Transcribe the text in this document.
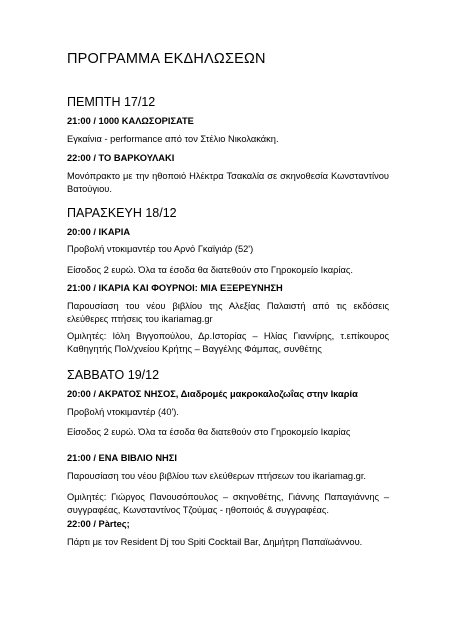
ΠΡΟΓΡΑΜΜΑ ΕΚΔΗΛΩΣΕΩΝ
ΠΕΜΠΤΗ 17/12
21:00 / 1000 ΚΑΛΩΣΟΡΙΣΑΤΕ
Εγκαίνια - performance από τον Στέλιο Νικολακάκη.
22:00 / ΤΟ ΒΑΡΚΟΥΛΑΚΙ
Μονόπρακτο με την ηθοποιό Ηλέκτρα Τσακαλία σε σκηνοθεσία Κωνσταντίνου Βατούγιου.
ΠΑΡΑΣΚΕΥΗ 18/12
20:00 / ΙΚΑΡΙΑ
Προβολή ντοκιμαντέρ του Αρνό Γκαϊγιάρ (52')
Είσοδος 2 ευρώ. Όλα τα έσοδα θα διατεθούν στο Γηροκομείο Ικαρίας.
21:00 / ΙΚΑΡΙΑ ΚΑΙ ΦΟΥΡΝΟΙ: ΜΙΑ ΕΞΕΡΕΥΝΗΣΗ
Παρουσίαση του νέου βιβλίου της Αλεξίας Παλαιστή από τις εκδόσεις ελεύθερες πτήσεις του ikariamag.gr
Ομιλητές: Ιόλη Βιγγοπούλου, Δρ.Ιστορίας – Ηλίας Γιαννίρης, τ.επίκουρος Καθηγητής Πολ/χνείου Κρήτης – Βαγγέλης Φάμπας, συνθέτης
ΣΑΒΒΑΤΟ 19/12
20:00 / ΑΚΡΑΤΟΣ ΝΗΣΟΣ, Διαδρομές μακροκαλοζωΐας στην Ικαρία
Προβολή ντοκιμαντέρ (40').
Είσοδος 2 ευρώ. Όλα τα έσοδα θα διατεθούν στο Γηροκομείο Ικαρίας
21:00 / ΕΝΑ ΒΙΒΛΙΟ ΝΗΣΙ
Παρουσίαση του νέου βιβλίου των ελεύθερων πτήσεων του ikariamag.gr.
Ομιλητές: Γιώργος Πανουσόπουλος – σκηνοθέτης, Γιάννης Παπαγιάννης – συγγραφέας, Κωνσταντίνος Τζούμας - ηθοποιός & συγγραφέας.
22:00 / Pàrteς;
Πάρτι με τον Resident Dj του Spiti Cocktail Bar, Δημήτρη Παπαϊωάννου.
